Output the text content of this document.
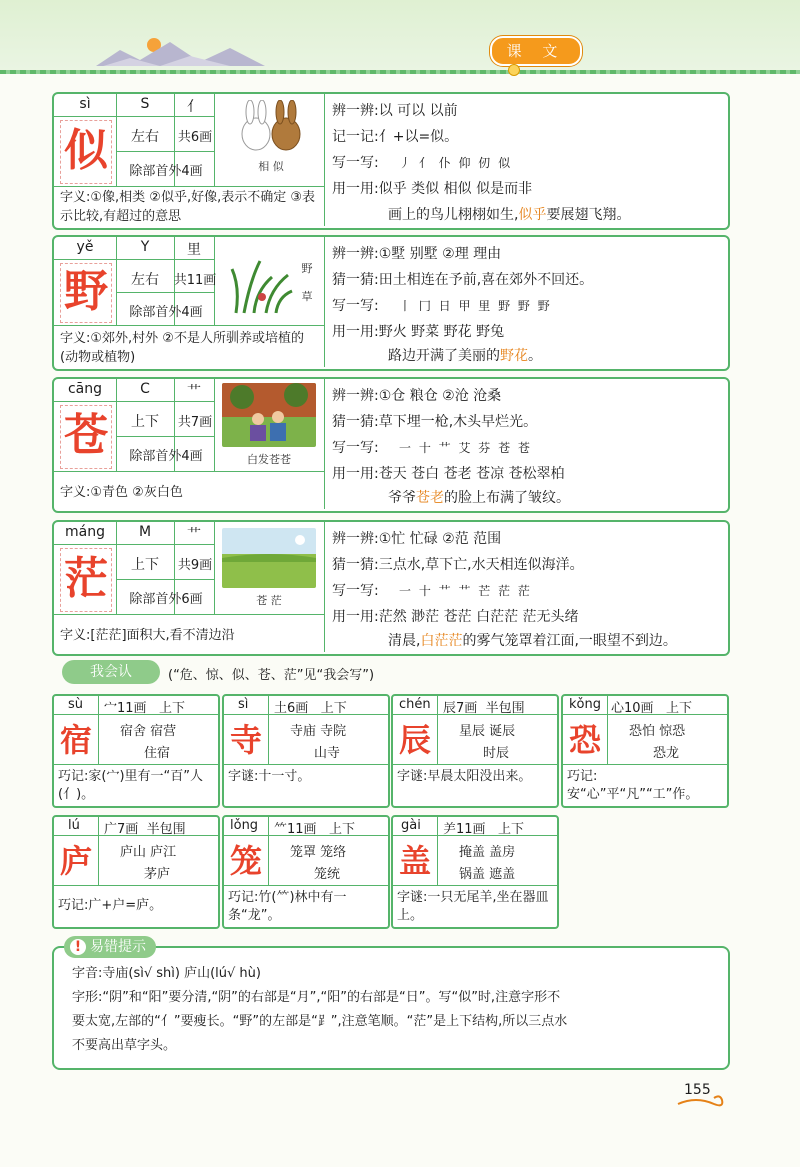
课 文
sì	S	亻
似	左右	共6画
除部首外4画	相 似
字义:①像,相类 ②似乎,好像,表示不确定 ③表示比较,有超过的意思
辨一辨:以 可以 以前
记一记:亻+以=似。
写一写: 丿 亻 仆 仰 仞 似
用一用:似乎 类似 相似 似是而非
画上的鸟儿栩栩如生,似乎要展翅飞翔。
yě	Y	里
野	左右	共11画
除部首外4画
野 草
字义:①郊外,村外 ②不是人所驯养或培植的(动物或植物)
辨一辨:①墅 别墅 ②理 理由
猜一猜:田土相连在予前,喜在郊外不回还。
写一写: 丨 冂 日 甲 里 野 野 野
用一用:野火 野菜 野花 野兔
路边开满了美丽的野花。
cāng	C	艹
苍	上下	共7画
除部首外4画	白发苍苍
字义:①青色 ②灰白色
辨一辨:①仓 粮仓 ②沧 沧桑
猜一猜:草下埋一枪,木头早烂光。
写一写: 一 十 艹 艾 芬 苍 苍
用一用:苍天 苍白 苍老 苍凉 苍松翠柏
爷爷苍老的脸上布满了皱纹。
máng	M	艹
茫	上下	共9画
除部首外6画	苍 茫
字义:[茫茫]面积大,看不清边沿
辨一辨:①忙 忙碌 ②范 范围
猜一猜:三点水,草下亡,水天相连似海洋。
写一写: 一 十 艹 艹 芒 茫 茫
用一用:茫然 渺茫 苍茫 白茫茫 茫无头绪
清晨,白茫茫的雾气笼罩着江面,一眼望不到边。
我会认	(“危、惊、似、苍、茫”见“我会写”)
sù 宀11画 上下
宿	宿舍 宿营
住宿
巧记:家(宀)里有一“百”人(亻)。
sì 土6画 上下
寺	寺庙 寺院
山寺
字谜:十一寸。
chén 辰7画 半包围
辰	星辰 诞辰
时辰
字谜:早晨太阳没出来。
kǒng 心10画 上下
恐	恐怕 惊恐
恐龙
巧记:安“心”平“凡”“工”作。
lú 广7画 半包围
庐	庐山 庐江
茅庐
巧记:广+户=庐。
lǒng ⺮11画 上下
笼	笼罩 笼络
笼统
巧记:竹(⺮)林中有一条“龙”。
gài ⺶11画 上下
盖	掩盖 盖房
锅盖 遮盖
字谜:一只无尾羊,坐在器皿上。
! 易错提示
字音:寺庙(sì√ shì) 庐山(lú√ hù)
字形:“阴”和“阳”要分清,“阴”的右部是“月”,“阳”的右部是“日”。写“似”时,注意字形不
要太宽,左部的“亻”要瘦长。“野”的左部是“⻊”,注意笔顺。“茫”是上下结构,所以三点水
不要高出草字头。
155
